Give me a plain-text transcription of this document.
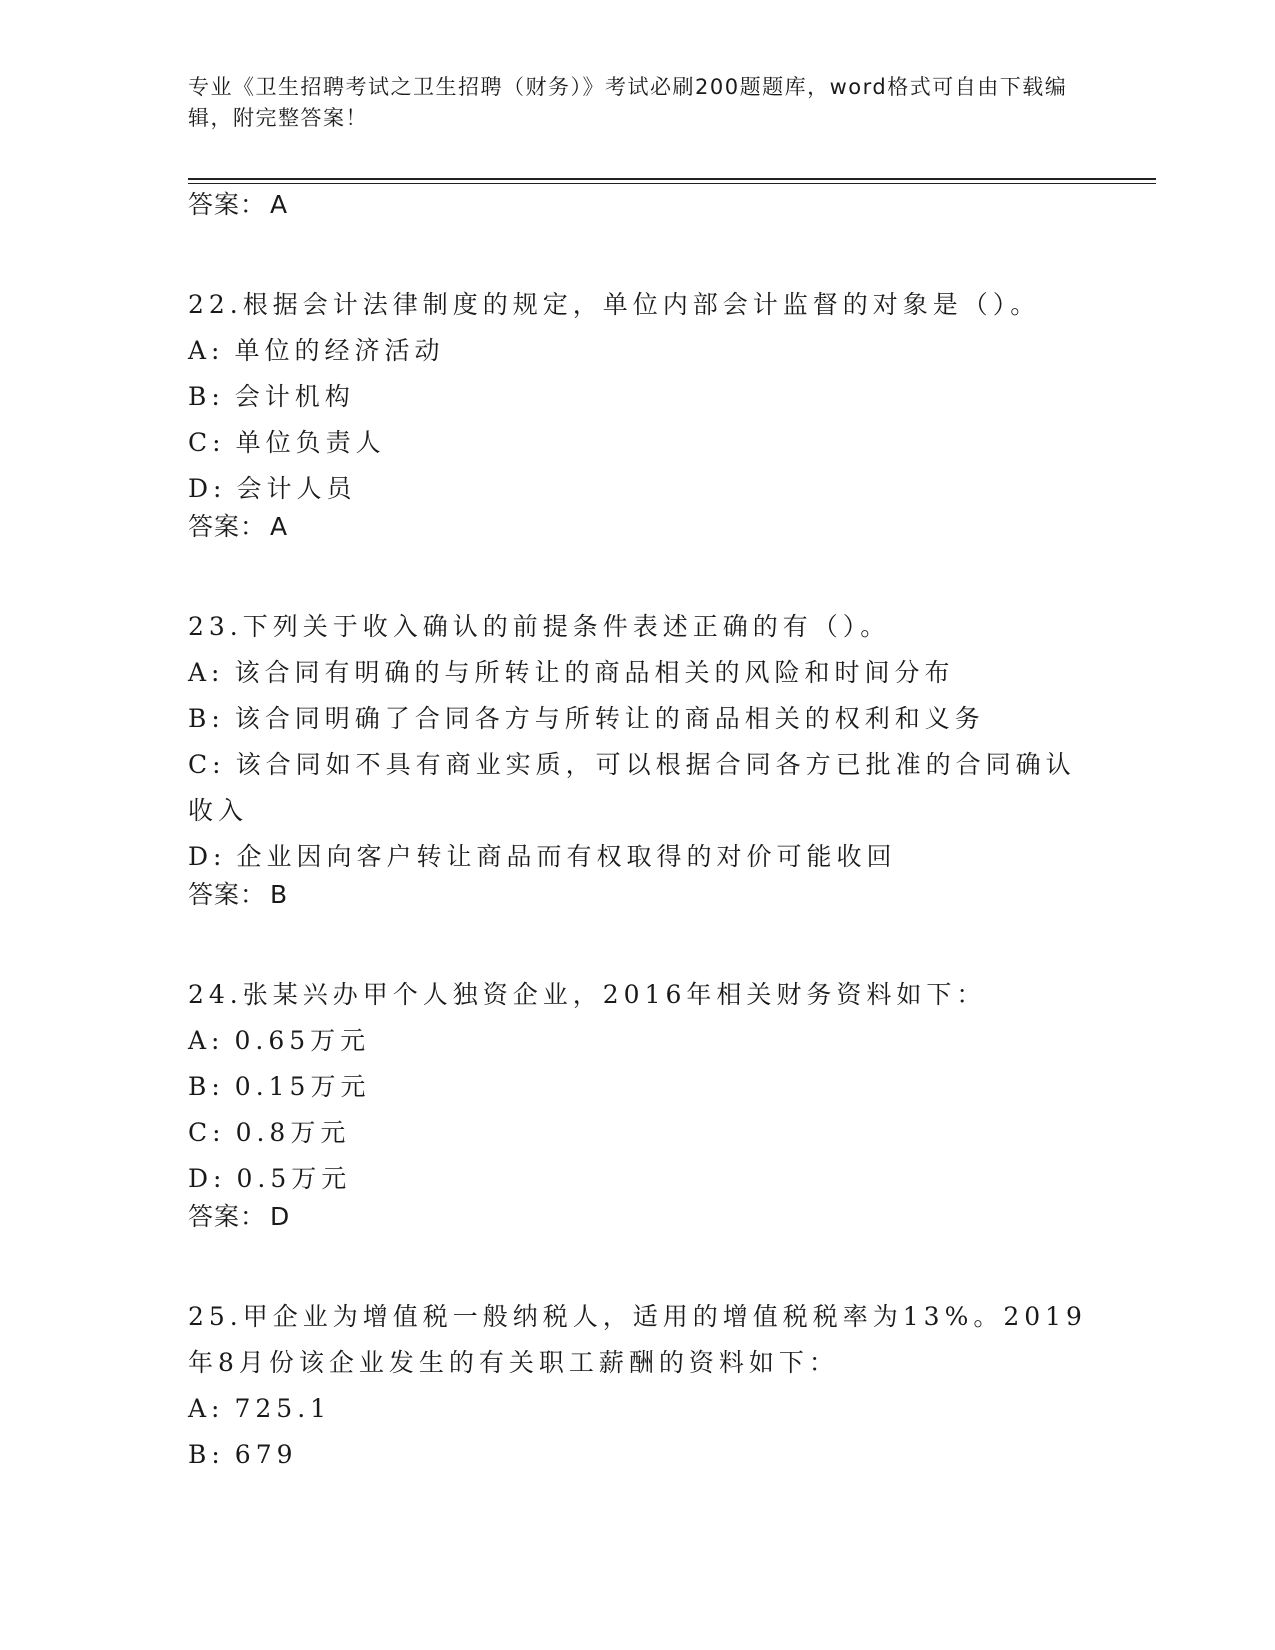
专业《卫生招聘考试之卫生招聘（财务）》考试必刷200题题库，word格式可自由下载编辑，附完整答案！
答案： A
22.根据会计法律制度的规定，单位内部会计监督的对象是（）。
A: 单位的经济活动
B: 会计机构
C: 单位负责人
D: 会计人员
答案： A
23.下列关于收入确认的前提条件表述正确的有（）。
A: 该合同有明确的与所转让的商品相关的风险和时间分布
B: 该合同明确了合同各方与所转让的商品相关的权利和义务
C: 该合同如不具有商业实质，可以根据合同各方已批准的合同确认收入
D: 企业因向客户转让商品而有权取得的对价可能收回
答案： B
24.张某兴办甲个人独资企业，2016年相关财务资料如下：
A: 0.65万元
B: 0.15万元
C: 0.8万元
D: 0.5万元
答案： D
25.甲企业为增值税一般纳税人，适用的增值税税率为13%。2019年8月份该企业发生的有关职工薪酬的资料如下：
A: 725.1
B: 679
